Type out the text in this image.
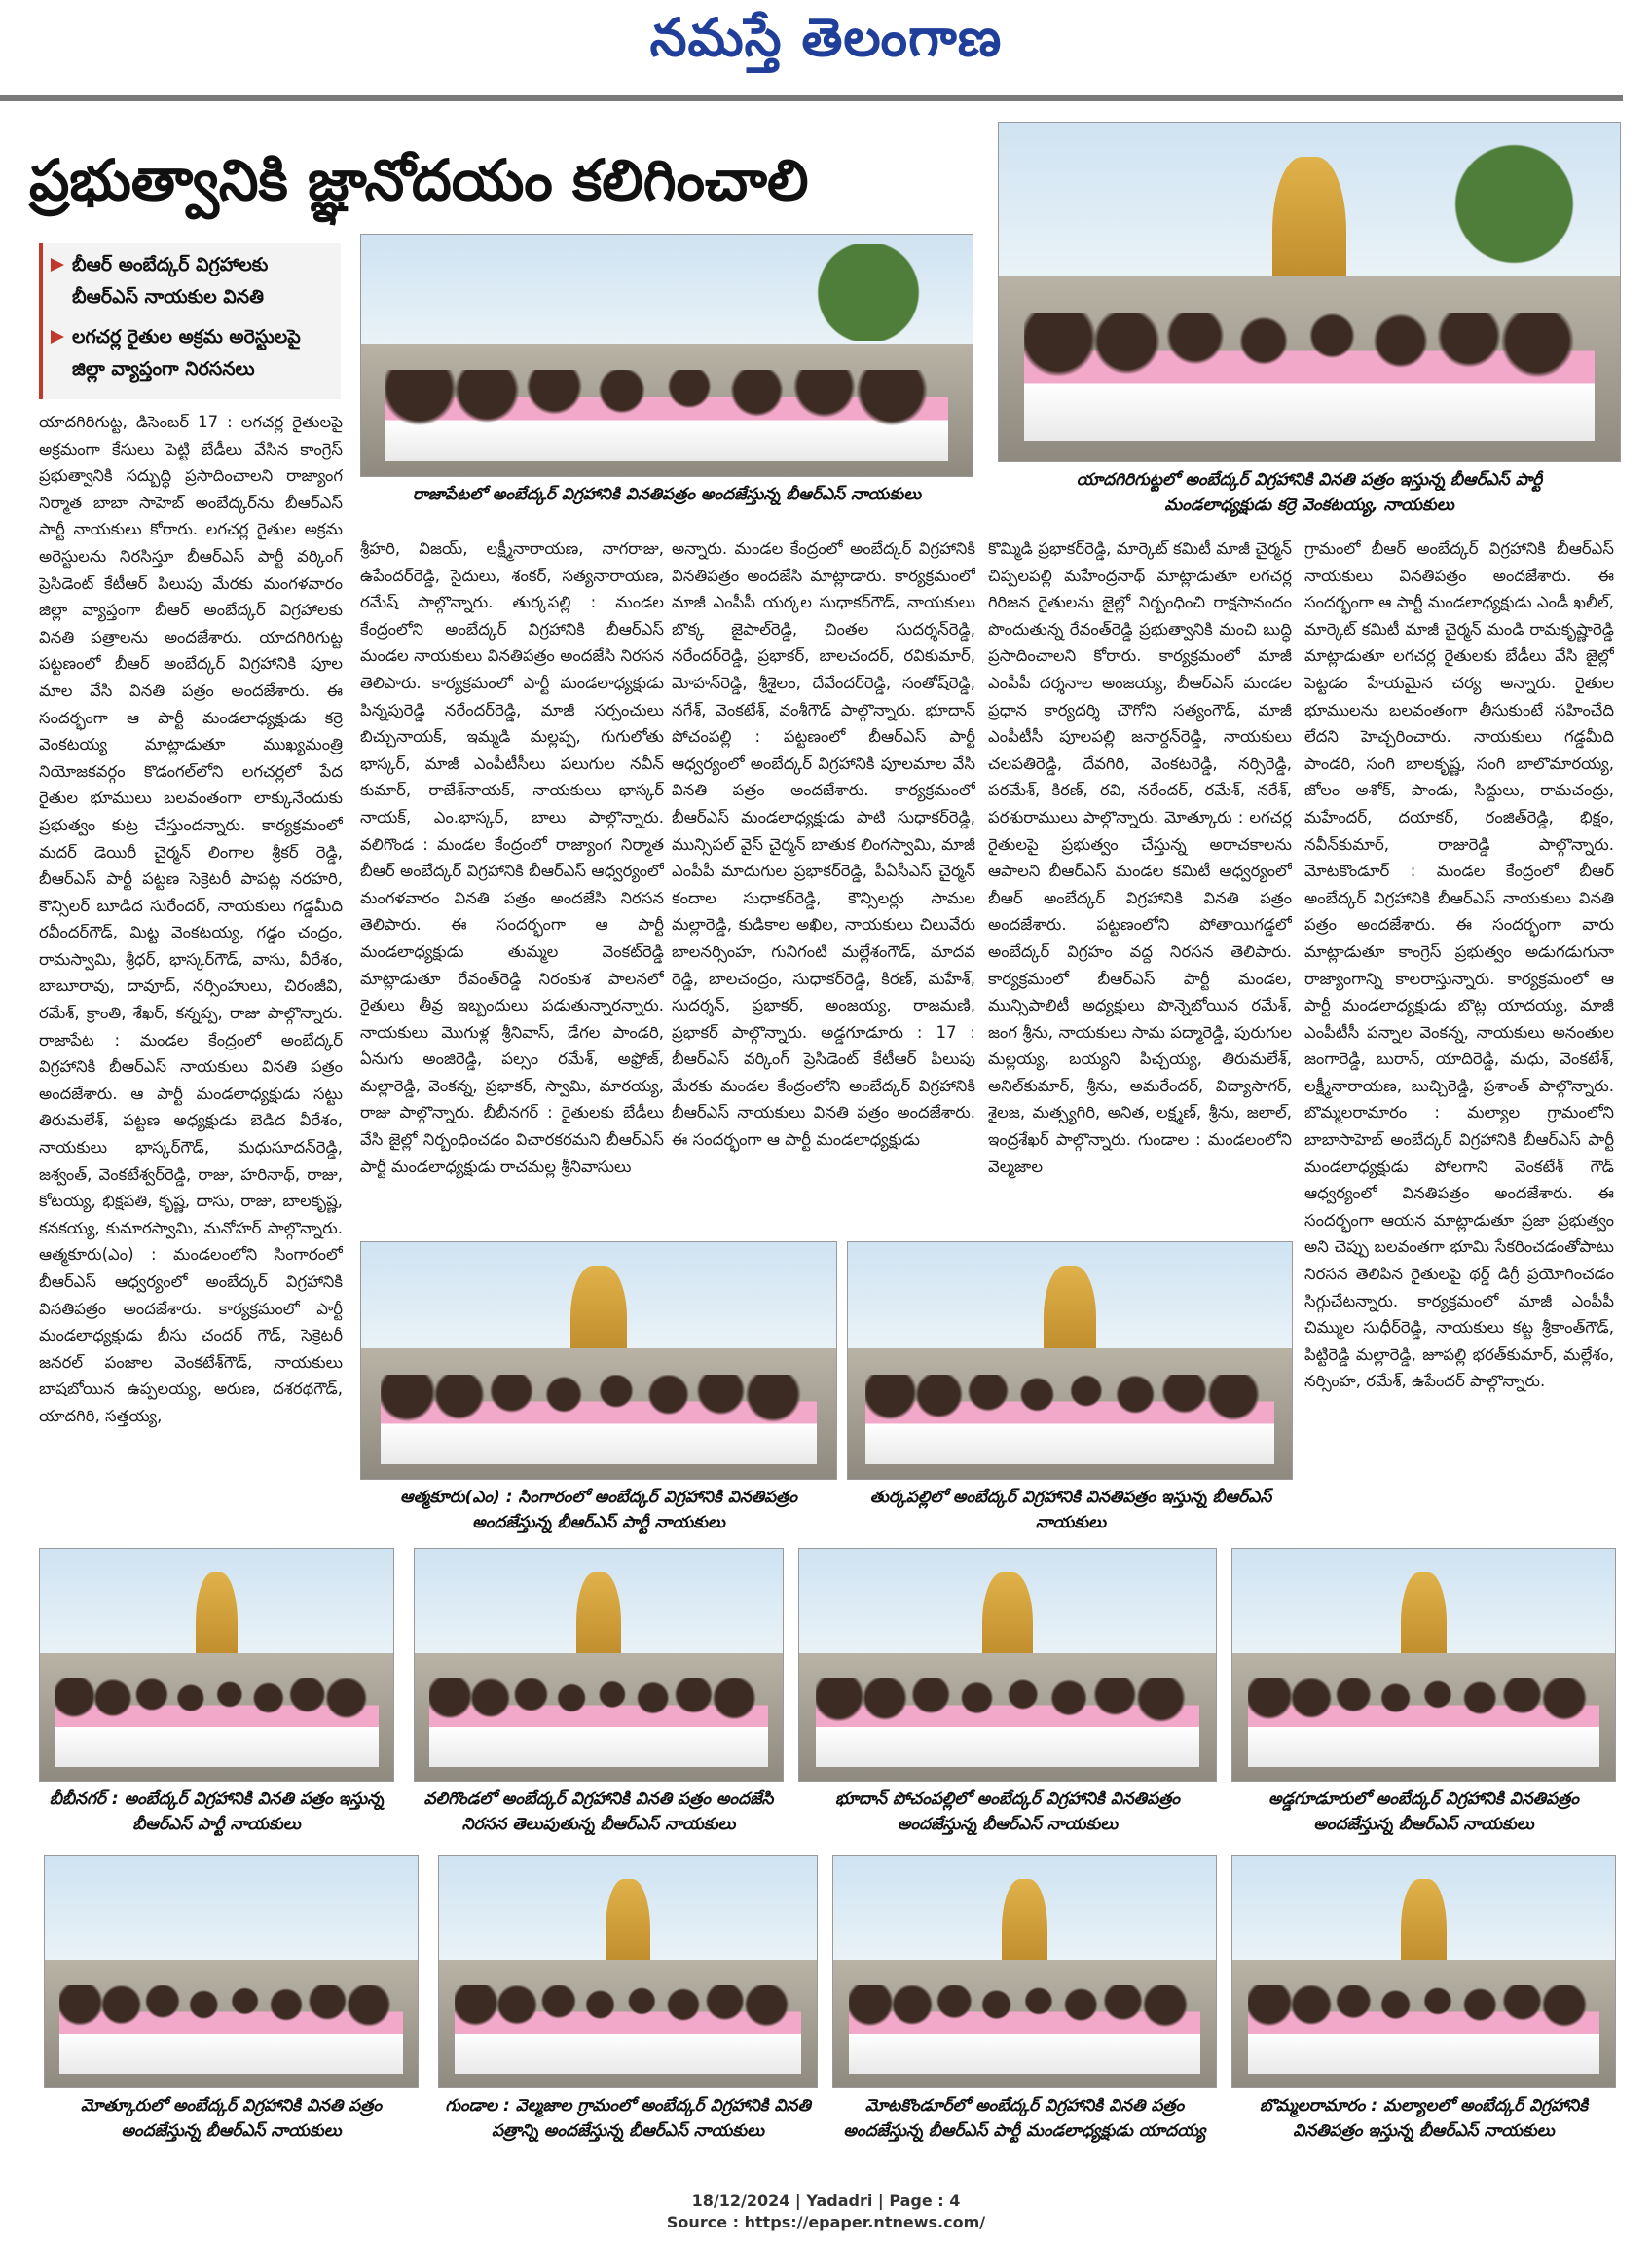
నమస్తే తెలంగాణ
ప్రభుత్వానికి జ్ఞానోదయం కలిగించాలి
బీఆర్ అంబేద్కర్ విగ్రహాలకు బీఆర్ఎస్ నాయకుల వినతి
లగచర్ల రైతుల అక్రమ అరెస్టులపై జిల్లా వ్యాప్తంగా నిరసనలు
రాజాపేటలో అంబేద్కర్ విగ్రహానికి వినతిపత్రం అందజేస్తున్న బీఆర్ఎస్ నాయకులు
యాదగిరిగుట్టలో అంబేద్కర్ విగ్రహానికి వినతి పత్రం ఇస్తున్న బీఆర్ఎస్ పార్టీ మండలాధ్యక్షుడు కర్రె వెంకటయ్య, నాయకులు
యాదగిరిగుట్ట, డిసెంబర్ 17 : లగచర్ల రైతులపై అక్రమంగా కేసులు పెట్టి బేడీలు వేసిన కాంగ్రెస్ ప్రభుత్వానికి సద్బుద్ధి ప్రసాదించాలని రాజ్యాంగ నిర్మాత బాబా సాహెబ్ అంబేద్కర్‌ను బీఆర్ఎస్ పార్టీ నాయకులు కోరారు. లగచర్ల రైతుల అక్రమ అరెస్టులను నిరసిస్తూ బీఆర్ఎస్ పార్టీ వర్కింగ్ ప్రెసిడెంట్ కేటీఆర్ పిలుపు మేరకు మంగళవారం జిల్లా వ్యాప్తంగా బీఆర్ అంబేద్కర్ విగ్రహాలకు వినతి పత్రాలను అందజేశారు. యాదగిరిగుట్ట పట్టణంలో బీఆర్ అంబేద్కర్ విగ్రహానికి పూల మాల వేసి వినతి పత్రం అందజేశారు. ఈ సందర్భంగా ఆ పార్టీ మండలాధ్యక్షుడు కర్రె వెంకటయ్య మాట్లాడుతూ ముఖ్యమంత్రి నియోజకవర్గం కొడంగల్‌లోని లగచర్లలో పేద రైతుల భూములు బలవంతంగా లాక్కునేందుకు ప్రభుత్వం కుట్ర చేస్తుందన్నారు. కార్యక్రమంలో మదర్ డెయిరీ చైర్మన్ లింగాల శ్రీకర్ రెడ్డి, బీఆర్ఎస్ పార్టీ పట్టణ సెక్రెటరీ పాపట్ల నరహరి, కౌన్సిలర్ బూడిద సురేందర్, నాయకులు గడ్డమీది రవీందర్‌గౌడ్, మిట్ట వెంకటయ్య, గడ్డం చంద్రం, రామస్వామి, శ్రీధర్, భాస్కర్‌గౌడ్, వాసు, వీరేశం, బాబూరావు, దావూద్, నర్సింహులు, చిరంజీవి, రమేశ్, క్రాంతి, శేఖర్, కన్నప్ప, రాజు పాల్గొన్నారు. రాజాపేట : మండల కేంద్రంలో అంబేద్కర్ విగ్రహానికి బీఆర్ఎస్ నాయకులు వినతి పత్రం అందజేశారు. ఆ పార్టీ మండలాధ్యక్షుడు సట్టు తిరుమలేశ్, పట్టణ అధ్యక్షుడు బెడిద వీరేశం, నాయకులు భాస్కర్‌గౌడ్, మధుసూదన్‌రెడ్డి, జశ్వంత్, వెంకటేశ్వర్‌రెడ్డి, రాజు, హరినాథ్, రాజు, కోటయ్య, భిక్షపతి, కృష్ణ, దాసు, రాజు, బాలకృష్ణ, కనకయ్య, కుమారస్వామి, మనోహర్ పాల్గొన్నారు. ఆత్మకూరు(ఎం) : మండలంలోని సింగారంలో బీఆర్ఎస్ ఆధ్వర్యంలో అంబేద్కర్ విగ్రహానికి వినతిపత్రం అందజేశారు. కార్యక్రమంలో పార్టీ మండలాధ్యక్షుడు బీసు చందర్ గౌడ్, సెక్రెటరీ జనరల్ పంజాల వెంకటేశ్‌గౌడ్, నాయకులు బాషబోయిన ఉప్పలయ్య, అరుణ, దశరథగౌడ్, యాదగిరి, సత్తయ్య,
శ్రీహరి, విజయ్, లక్ష్మీనారాయణ, నాగరాజు, ఉపేందర్‌రెడ్డి, సైదులు, శంకర్, సత్యనారాయణ, రమేష్ పాల్గొన్నారు. తుర్కపల్లి : మండల కేంద్రంలోని అంబేద్కర్ విగ్రహానికి బీఆర్ఎస్ మండల నాయకులు వినతిపత్రం అందజేసి నిరసన తెలిపారు. కార్యక్రమంలో పార్టీ మండలాధ్యక్షుడు పిన్నపురెడ్డి నరేందర్‌రెడ్డి, మాజీ సర్పంచులు బిచ్చునాయక్, ఇమ్మడి మల్లప్ప, గుగులోతు భాస్కర్, మాజీ ఎంపీటీసీలు పలుగుల నవీన్ కుమార్, రాజేశ్‌నాయక్, నాయకులు భాస్కర్ నాయక్, ఎం.భాస్కర్, బాలు పాల్గొన్నారు. వలిగొండ : మండల కేంద్రంలో రాజ్యాంగ నిర్మాత బీఆర్ అంబేద్కర్ విగ్రహానికి బీఆర్ఎస్ ఆధ్వర్యంలో మంగళవారం వినతి పత్రం అందజేసి నిరసన తెలిపారు. ఈ సందర్భంగా ఆ పార్టీ మండలాధ్యక్షుడు తుమ్మల వెంకట్‌రెడ్డి మాట్లాడుతూ రేవంత్‌రెడ్డి నిరంకుశ పాలనలో రైతులు తీవ్ర ఇబ్బందులు పడుతున్నారన్నారు. నాయకులు మొగుళ్ల శ్రీనివాస్, డేగల పాండరి, ఏనుగు అంజిరెడ్డి, పల్సం రమేశ్, అఫ్రోజ్, మల్లారెడ్డి, వెంకన్న, ప్రభాకర్, స్వామి, మారయ్య, రాజు పాల్గొన్నారు. బీబీనగర్ : రైతులకు బేడీలు వేసి జైల్లో నిర్బంధించడం విచారకరమని బీఆర్ఎస్ పార్టీ మండలాధ్యక్షుడు రాచమల్ల శ్రీనివాసులు
అన్నారు. మండల కేంద్రంలో అంబేద్కర్ విగ్రహానికి వినతిపత్రం అందజేసి మాట్లాడారు. కార్యక్రమంలో మాజీ ఎంపీపీ యర్కల సుధాకర్‌గౌడ్, నాయకులు బొక్క జైపాల్‌రెడ్డి, చింతల సుదర్శన్‌రెడ్డి, నరేందర్‌రెడ్డి, ప్రభాకర్, బాలచందర్, రవికుమార్, మోహన్‌రెడ్డి, శ్రీశైలం, దేవేందర్‌రెడ్డి, సంతోష్‌రెడ్డి, నగేశ్, వెంకటేశ్, వంశీగౌడ్ పాల్గొన్నారు. భూదాన్ పోచంపల్లి : పట్టణంలో బీఆర్ఎస్ పార్టీ ఆధ్వర్యంలో అంబేద్కర్ విగ్రహానికి పూలమాల వేసి వినతి పత్రం అందజేశారు. కార్యక్రమంలో బీఆర్ఎస్ మండలాధ్యక్షుడు పాటి సుధాకర్‌రెడ్డి, మున్సిపల్ వైస్ చైర్మన్ బాతుక లింగస్వామి, మాజీ ఎంపీపీ మాదుగుల ప్రభాకర్‌రెడ్డి, పీఏసీఎస్ చైర్మన్ కందాల సుధాకర్‌రెడ్డి, కౌన్సిలర్లు సామల మల్లారెడ్డి, కుడికాల అఖిల, నాయకులు చిలువేరు బాలనర్సింహ, గునిగంటి మల్లేశంగౌడ్, మాదవ రెడ్డి, బాలచంద్రం, సుధాకర్‌రెడ్డి, కిరణ్, మహేశ్, సుదర్శన్, ప్రభాకర్, అంజయ్య, రాజమణి, ప్రభాకర్ పాల్గొన్నారు. అడ్డగూడూరు : 17 : బీఆర్ఎస్ వర్కింగ్ ప్రెసిడెంట్ కేటీఆర్ పిలుపు మేరకు మండల కేంద్రంలోని అంబేద్కర్ విగ్రహానికి బీఆర్ఎస్ నాయకులు వినతి పత్రం అందజేశారు. ఈ సందర్భంగా ఆ పార్టీ మండలాధ్యక్షుడు
కొమ్మిడి ప్రభాకర్‌రెడ్డి, మార్కెట్ కమిటీ మాజీ చైర్మన్ చిప్పలపల్లి మహేంద్రనాథ్ మాట్లాడుతూ లగచర్ల గిరిజన రైతులను జైల్లో నిర్బంధించి రాక్షసానందం పొందుతున్న రేవంత్‌రెడ్డి ప్రభుత్వానికి మంచి బుద్ధి ప్రసాదించాలని కోరారు. కార్యక్రమంలో మాజీ ఎంపీపీ దర్శనాల అంజయ్య, బీఆర్ఎస్ మండల ప్రధాన కార్యదర్శి చౌగోని సత్యంగౌడ్, మాజీ ఎంపీటీసీ పూలపల్లి జనార్దన్‌రెడ్డి, నాయకులు చలపతిరెడ్డి, దేవగిరి, వెంకటరెడ్డి, నర్సిరెడ్డి, పరమేశ్, కిరణ్, రవి, నరేందర్, రమేశ్, నరేశ్, పరశురాములు పాల్గొన్నారు. మోత్కూరు : లగచర్ల రైతులపై ప్రభుత్వం చేస్తున్న అరాచకాలను ఆపాలని బీఆర్ఎస్ మండల కమిటీ ఆధ్వర్యంలో బీఆర్ అంబేద్కర్ విగ్రహానికి వినతి పత్రం అందజేశారు. పట్టణంలోని పోతాయిగడ్డలో అంబేద్కర్ విగ్రహం వద్ద నిరసన తెలిపారు. కార్యక్రమంలో బీఆర్ఎస్ పార్టీ మండల, మున్సిపాలిటీ అధ్యక్షులు పొన్నెబోయిన రమేశ్, జంగ శ్రీను, నాయకులు సామ పద్మారెడ్డి, పురుగుల మల్లయ్య, బయ్యని పిచ్చయ్య, తిరుమలేశ్, అనిల్‌కుమార్, శ్రీను, అమరేందర్, విద్యాసాగర్, శైలజ, మత్స్యగిరి, అనిత, లక్ష్మణ్, శ్రీను, జలాల్, ఇంద్రశేఖర్ పాల్గొన్నారు. గుండాల : మండలంలోని వెల్మజాల
గ్రామంలో బీఆర్ అంబేద్కర్ విగ్రహానికి బీఆర్ఎస్ నాయకులు వినతిపత్రం అందజేశారు. ఈ సందర్భంగా ఆ పార్టీ మండలాధ్యక్షుడు ఎండీ ఖలీల్, మార్కెట్ కమిటీ మాజీ చైర్మన్ మండి రామకృష్ణారెడ్డి మాట్లాడుతూ లగచర్ల రైతులకు బేడీలు వేసి జైల్లో పెట్టడం హేయమైన చర్య అన్నారు. రైతుల భూములను బలవంతంగా తీసుకుంటే సహించేది లేదని హెచ్చరించారు. నాయకులు గడ్డమీది పాండరి, సంగి బాలకృష్ణ, సంగి బాలొమారయ్య, జోలం అశోక్, పాండు, సిద్దులు, రామచంద్రు, మహేందర్, దయాకర్, రంజిత్‌రెడ్డి, భిక్షం, నవీన్‌కుమార్, రాజురెడ్డి పాల్గొన్నారు. మోటకొండూర్ : మండల కేంద్రంలో బీఆర్ అంబేద్కర్ విగ్రహానికి బీఆర్ఎస్ నాయకులు వినతి పత్రం అందజేశారు. ఈ సందర్భంగా వారు మాట్లాడుతూ కాంగ్రెస్ ప్రభుత్వం అడుగడుగునా రాజ్యాంగాన్ని కాలరాస్తున్నారు. కార్యక్రమంలో ఆ పార్టీ మండలాధ్యక్షుడు బొట్ల యాదయ్య, మాజీ ఎంపీటీసీ పన్నాల వెంకన్న, నాయకులు అనంతుల జంగారెడ్డి, బురాన్, యాదిరెడ్డి, మధు, వెంకటేశ్, లక్ష్మీనారాయణ, బుచ్చిరెడ్డి, ప్రశాంత్ పాల్గొన్నారు. బొమ్మలరామారం : మల్యాల గ్రామంలోని బాబాసాహెబ్ అంబేద్కర్ విగ్రహానికి బీఆర్ఎస్ పార్టీ మండలాధ్యక్షుడు పోలగాని వెంకటేశ్ గౌడ్ ఆధ్వర్యంలో వినతిపత్రం అందజేశారు. ఈ సందర్భంగా ఆయన మాట్లాడుతూ ప్రజా ప్రభుత్వం అని చెప్పు బలవంతగా భూమి సేకరించడంతోపాటు నిరసన తెలిపిన రైతులపై థర్డ్ డిగ్రీ ప్రయోగించడం సిగ్గుచేటన్నారు. కార్యక్రమంలో మాజీ ఎంపీపీ చిమ్ముల సుధీర్‌రెడ్డి, నాయకులు కట్ట శ్రీకాంత్‌గౌడ్, పిట్టిరెడ్డి మల్లారెడ్డి, జూపల్లి భరత్‌కుమార్, మల్లేశం, నర్సింహ, రమేశ్, ఉపేందర్ పాల్గొన్నారు.
ఆత్మకూరు(ఎం) : సింగారంలో అంబేద్కర్ విగ్రహానికి వినతిపత్రం అందజేస్తున్న బీఆర్ఎస్ పార్టీ నాయకులు
తుర్కపల్లిలో అంబేద్కర్ విగ్రహానికి వినతిపత్రం ఇస్తున్న బీఆర్ఎస్ నాయకులు
బీబీనగర్ : అంబేద్కర్ విగ్రహానికి వినతి పత్రం ఇస్తున్న బీఆర్ఎస్ పార్టీ నాయకులు
వలిగొండలో అంబేద్కర్ విగ్రహానికి వినతి పత్రం అందజేసి నిరసన తెలుపుతున్న బీఆర్ఎస్ నాయకులు
భూదాన్ పోచంపల్లిలో అంబేద్కర్ విగ్రహానికి వినతిపత్రం అందజేస్తున్న బీఆర్ఎస్ నాయకులు
అడ్డగూడూరులో అంబేద్కర్ విగ్రహానికి వినతిపత్రం అందజేస్తున్న బీఆర్ఎస్ నాయకులు
మోత్కూరులో అంబేద్కర్ విగ్రహానికి వినతి పత్రం అందజేస్తున్న బీఆర్ఎస్ నాయకులు
గుండాల : వెల్మజాల గ్రామంలో అంబేద్కర్ విగ్రహానికి వినతి పత్రాన్ని అందజేస్తున్న బీఆర్ఎస్ నాయకులు
మోటకొండూర్‌లో అంబేద్కర్ విగ్రహానికి వినతి పత్రం అందజేస్తున్న బీఆర్ఎస్ పార్టీ మండలాధ్యక్షుడు యాదయ్య
బొమ్మలరామారం : మల్యాలలో అంబేద్కర్ విగ్రహానికి వినతిపత్రం ఇస్తున్న బీఆర్ఎస్ నాయకులు
18/12/2024 | Yadadri | Page : 4
Source : https://epaper.ntnews.com/
